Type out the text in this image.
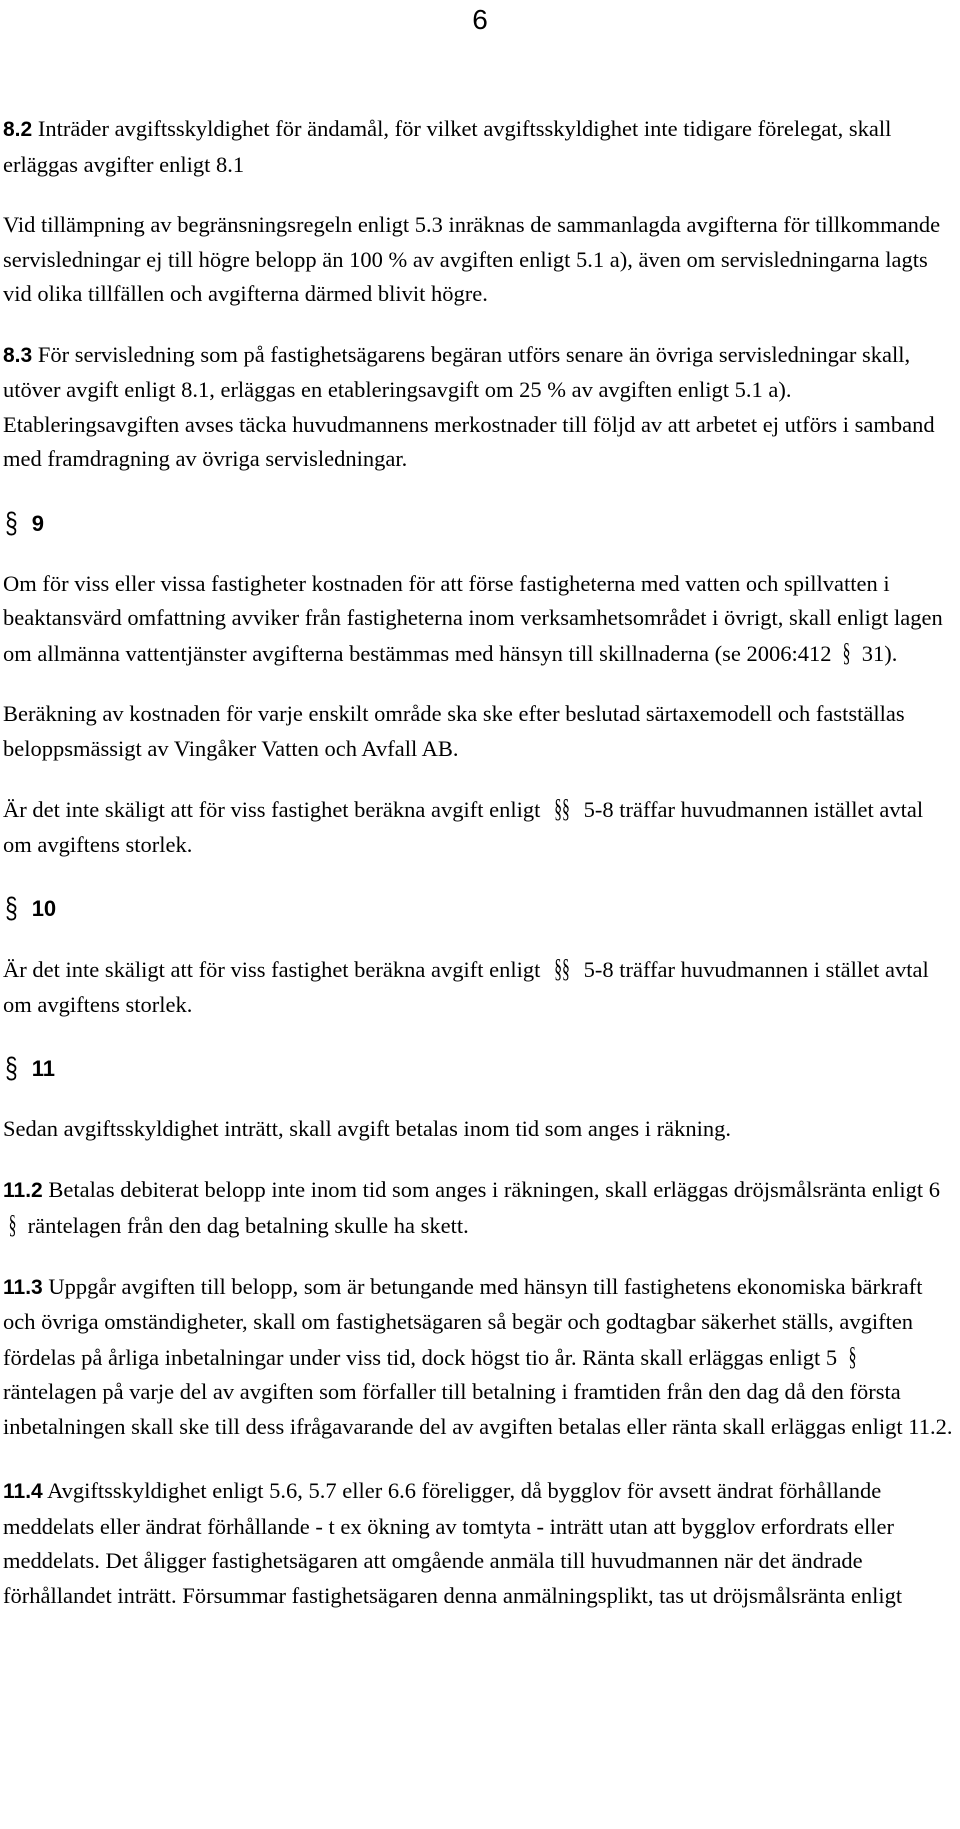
6

8.2 Inträder avgiftsskyldighet för ändamål, för vilket avgiftsskyldighet inte tidigare förelegat, skall erläggas avgifter enligt 8.1

Vid tillämpning av begränsningsregeln enligt 5.3 inräknas de sammanlagda avgifterna för tillkommande servisledningar ej till högre belopp än 100 % av avgiften enligt 5.1 a), även om servisledningarna lagts vid olika tillfällen och avgifterna därmed blivit högre.

8.3 För servisledning som på fastighetsägarens begäran utförs senare än övriga servisledningar skall, utöver avgift enligt 8.1, erläggas en etableringsavgift om 25 % av avgiften enligt 5.1 a). Etableringsavgiften avses täcka huvudmannens merkostnader till följd av att arbetet ej utförs i samband med framdragning av övriga servisledningar.

§ 9

Om för viss eller vissa fastigheter kostnaden för att förse fastigheterna med vatten och spillvatten i beaktansvärd omfattning avviker från fastigheterna inom verksamhetsområdet i övrigt, skall enligt lagen om allmänna vattentjänster avgifterna bestämmas med hänsyn till skillnaderna (se 2006:412 § 31).

Beräkning av kostnaden för varje enskilt område ska ske efter beslutad särtaxemodell och fastställas beloppsmässigt av Vingåker Vatten och Avfall AB.

Är det inte skäligt att för viss fastighet beräkna avgift enligt §§ 5-8 träffar huvudmannen istället avtal om avgiftens storlek.

§ 10

Är det inte skäligt att för viss fastighet beräkna avgift enligt §§ 5-8 träffar huvudmannen i stället avtal om avgiftens storlek.

§ 11

Sedan avgiftsskyldighet inträtt, skall avgift betalas inom tid som anges i räkning.

11.2 Betalas debiterat belopp inte inom tid som anges i räkningen, skall erläggas dröjsmålsränta enligt 6 § räntelagen från den dag betalning skulle ha skett.

11.3 Uppgår avgiften till belopp, som är betungande med hänsyn till fastighetens ekonomiska bärkraft och övriga omständigheter, skall om fastighetsägaren så begär och godtagbar säkerhet ställs, avgiften fördelas på årliga inbetalningar under viss tid, dock högst tio år. Ränta skall erläggas enligt 5 § räntelagen på varje del av avgiften som förfaller till betalning i framtiden från den dag då den första inbetalningen skall ske till dess ifrågavarande del av avgiften betalas eller ränta skall erläggas enligt 11.2.

11.4 Avgiftsskyldighet enligt 5.6, 5.7 eller 6.6 föreligger, då bygglov för avsett ändrat förhållande meddelats eller ändrat förhållande - t ex ökning av tomtyta - inträtt utan att bygglov erfordrats eller meddelats. Det åligger fastighetsägaren att omgående anmäla till huvudmannen när det ändrade förhållandet inträtt. Försummar fastighetsägaren denna anmälningsplikt, tas ut dröjsmålsränta enligt
